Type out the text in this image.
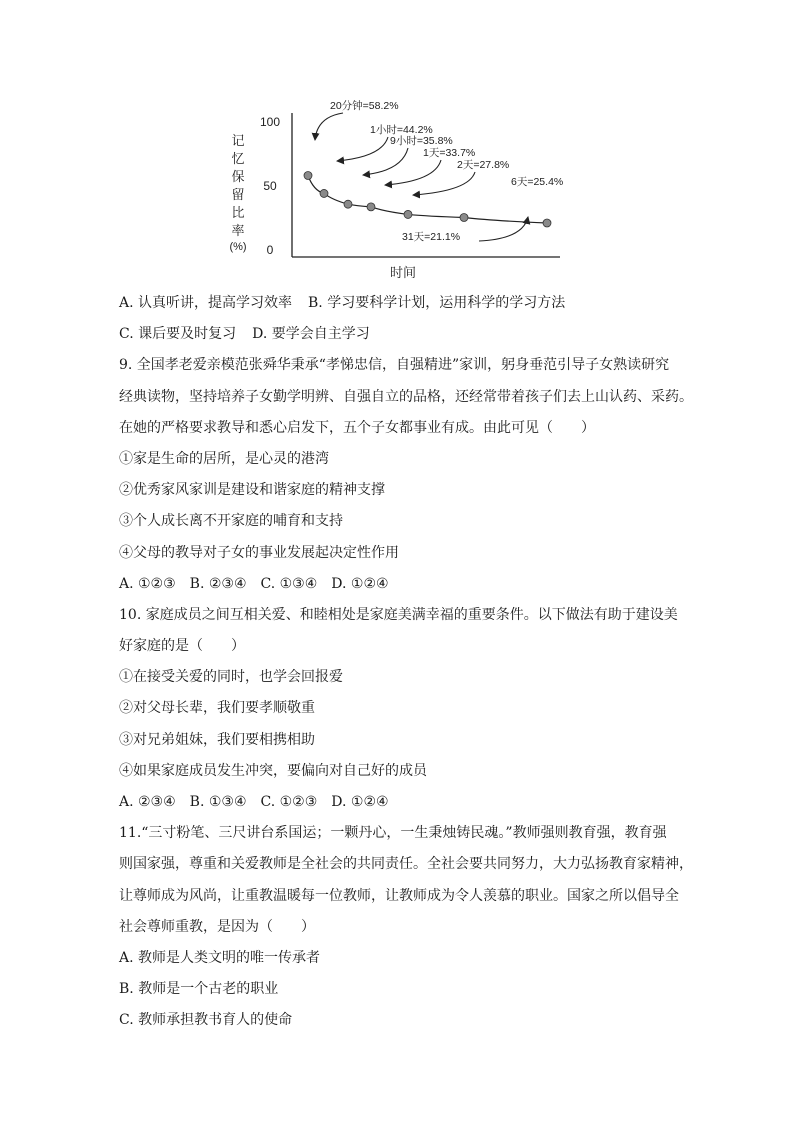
记
忆
保
留
比
率
(%)
100
50
0
时间
20分钟=58.2%
1小时=44.2%
9小时=35.8%
1天=33.7%
2天=27.8%
6天=25.4%
31天=21.1%
A. 认真听讲，提高学习效率 B. 学习要科学计划，运用科学的学习方法
C. 课后要及时复习 D. 要学会自主学习
9. 全国孝老爱亲模范张舜华秉承“孝悌忠信，自强精进”家训，躬身垂范引导子女熟读研究
经典读物，坚持培养子女勤学明辨、自强自立的品格，还经常带着孩子们去上山认药、采药。
在她的严格要求教导和悉心启发下，五个子女都事业有成。由此可见（　　）
①家是生命的居所，是心灵的港湾
②优秀家风家训是建设和谐家庭的精神支撑
③个人成长离不开家庭的哺育和支持
④父母的教导对子女的事业发展起决定性作用
A. ①②③ B. ②③④ C. ①③④ D. ①②④
10. 家庭成员之间互相关爱、和睦相处是家庭美满幸福的重要条件。以下做法有助于建设美
好家庭的是（　　）
①在接受关爱的同时，也学会回报爱
②对父母长辈，我们要孝顺敬重
③对兄弟姐妹，我们要相携相助
④如果家庭成员发生冲突，要偏向对自己好的成员
A. ②③④ B. ①③④ C. ①②③ D. ①②④
11.“三寸粉笔、三尺讲台系国运；一颗丹心，一生秉烛铸民魂。”教师强则教育强，教育强
则国家强，尊重和关爱教师是全社会的共同责任。全社会要共同努力，大力弘扬教育家精神，
让尊师成为风尚，让重教温暖每一位教师，让教师成为令人羡慕的职业。国家之所以倡导全
社会尊师重教，是因为（　　）
A. 教师是人类文明的唯一传承者
B. 教师是一个古老的职业
C. 教师承担教书育人的使命
